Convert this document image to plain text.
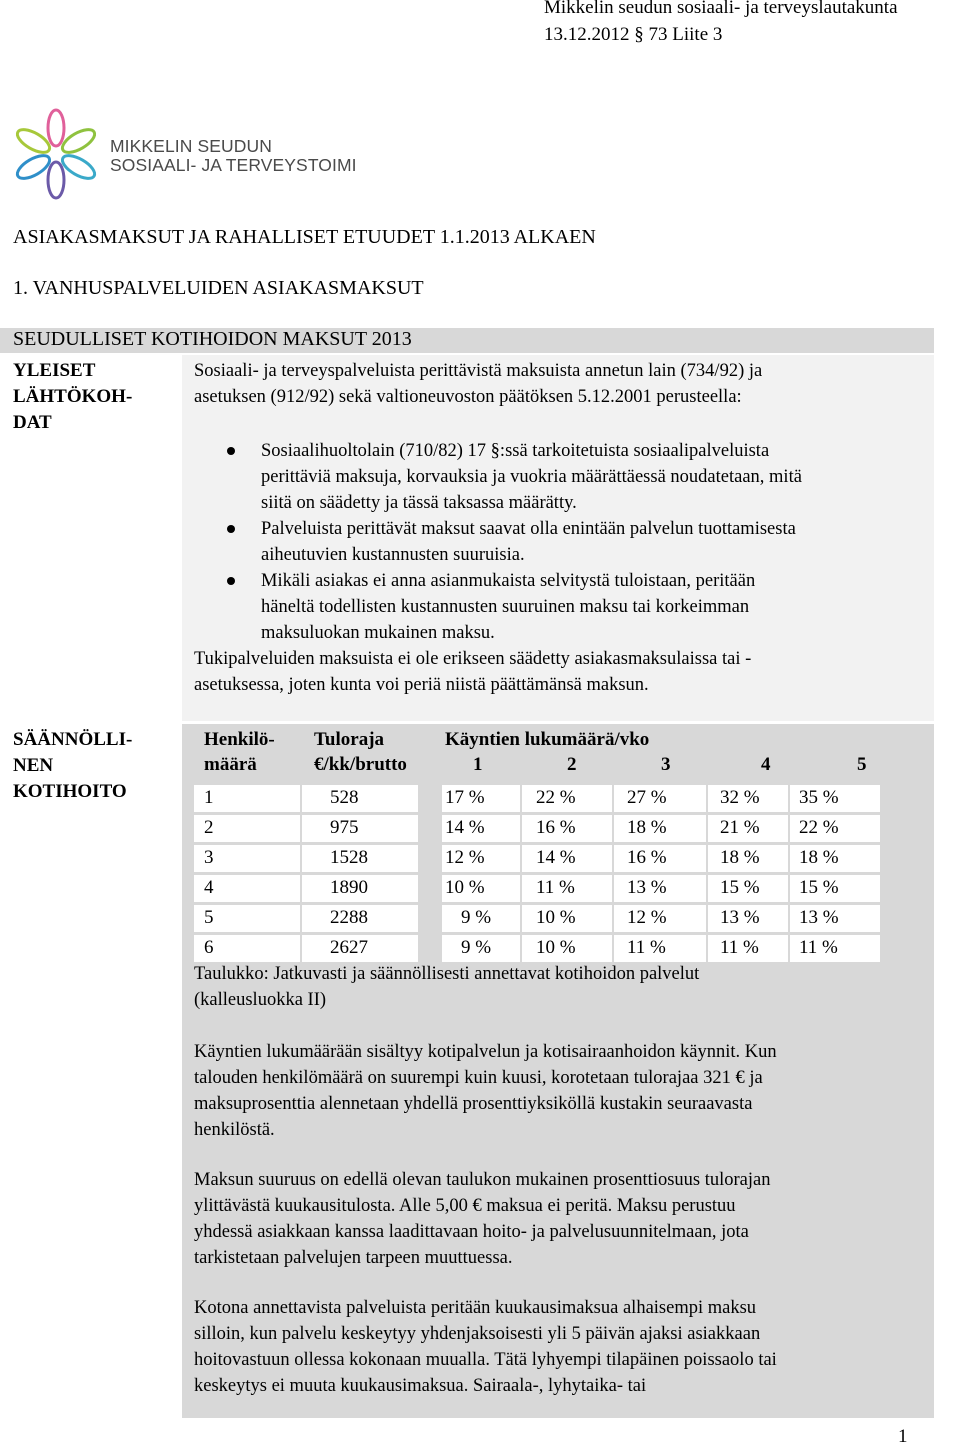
Mikkelin seudun sosiaali- ja terveyslautakunta
13.12.2012 § 73 Liite 3
MIKKELIN SEUDUN
SOSIAALI- JA TERVEYSTOIMI
ASIAKASMAKSUT JA RAHALLISET ETUUDET 1.1.2013 ALKAEN
1. VANHUSPALVELUIDEN ASIAKASMAKSUT
SEUDULLISET KOTIHOIDON MAKSUT 2013
YLEISET
LÄHTÖKOH-
DAT
Sosiaali- ja terveyspalveluista perittävistä maksuista annetun lain (734/92) ja
asetuksen (912/92) sekä valtioneuvoston päätöksen 5.12.2001 perusteella:
Sosiaalihuoltolain (710/82) 17 §:ssä tarkoitetuista sosiaalipalveluista
perittäviä maksuja, korvauksia ja vuokria määrättäessä noudatetaan, mitä
siitä on säädetty ja tässä taksassa määrätty.
Palveluista perittävät maksut saavat olla enintään palvelun tuottamisesta
aiheutuvien kustannusten suuruisia.
Mikäli asiakas ei anna asianmukaista selvitystä tuloistaan, peritään
häneltä todellisten kustannusten suuruinen maksu tai korkeimman
maksuluokan mukainen maksu.
Tukipalveluiden maksuista ei ole erikseen säädetty asiakasmaksulaissa tai -
asetuksessa, joten kunta voi periä niistä päättämänsä maksun.
SÄÄNNÖLLI-
NEN
KOTIHOITO
Henkilö-
määrä
Tuloraja
€/kk/brutto
Käyntien lukumäärä/vko
1	2	3	4	5
1	528	17 %	22 %	27 %	32 %	35 %
2	975	14 %	16 %	18 %	21 %	22 %
3	1528	12 %	14 %	16 %	18 %	18 %
4	1890	10 %	11 %	13 %	15 %	15 %
5	2288	9 %	10 %	12 %	13 %	13 %
6	2627	9 %	10 %	11 %	11 %	11 %
Taulukko: Jatkuvasti ja säännöllisesti annettavat kotihoidon palvelut
(kalleusluokka II)
Käyntien lukumäärään sisältyy kotipalvelun ja kotisairaanhoidon käynnit. Kun
talouden henkilömäärä on suurempi kuin kuusi, korotetaan tulorajaa 321 € ja
maksuprosenttia alennetaan yhdellä prosenttiyksiköllä kustakin seuraavasta
henkilöstä.
Maksun suuruus on edellä olevan taulukon mukainen prosenttiosuus tulorajan
ylittävästä kuukausitulosta. Alle 5,00 € maksua ei peritä. Maksu perustuu
yhdessä asiakkaan kanssa laadittavaan hoito- ja palvelusuunnitelmaan, jota
tarkistetaan palvelujen tarpeen muuttuessa.
Kotona annettavista palveluista peritään kuukausimaksua alhaisempi maksu
silloin, kun palvelu keskeytyy yhdenjaksoisesti yli 5 päivän ajaksi asiakkaan
hoitovastuun ollessa kokonaan muualla. Tätä lyhyempi tilapäinen poissaolo tai
keskeytys ei muuta kuukausimaksua. Sairaala-, lyhytaika- tai
1
